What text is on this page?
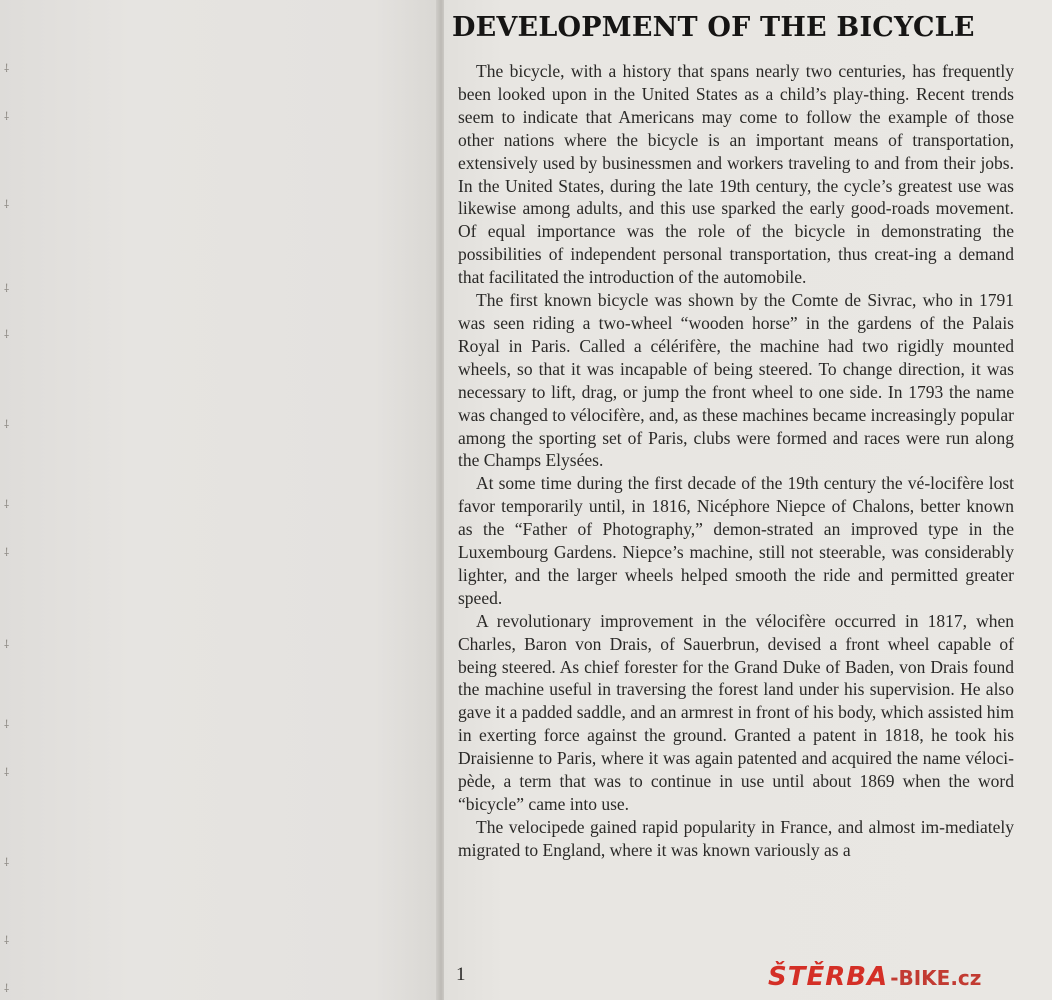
⸸
⸸
⸸
⸸
⸸
⸸
⸸
⸸
⸸
⸸
⸸
⸸
⸸
⸸
DEVELOPMENT OF THE BICYCLE

The bicycle, with a history that spans nearly two centuries, has frequently been looked upon in the United States as a child’s play-thing. Recent trends seem to indicate that Americans may come to follow the example of those other nations where the bicycle is an important means of transportation, extensively used by businessmen and workers traveling to and from their jobs. In the United States, during the late 19th century, the cycle’s greatest use was likewise among adults, and this use sparked the early good-roads movement. Of equal importance was the role of the bicycle in demonstrating the possibilities of independent personal transportation, thus creat-ing a demand that facilitated the introduction of the automobile.

The first known bicycle was shown by the Comte de Sivrac, who in 1791 was seen riding a two-wheel “wooden horse” in the gardens of the Palais Royal in Paris. Called a célérifère, the machine had two rigidly mounted wheels, so that it was incapable of being steered. To change direction, it was necessary to lift, drag, or jump the front wheel to one side. In 1793 the name was changed to vélocifère, and, as these machines became increasingly popular among the sporting set of Paris, clubs were formed and races were run along the Champs Elysées.

At some time during the first decade of the 19th century the vé-locifère lost favor temporarily until, in 1816, Nicéphore Niepce of Chalons, better known as the “Father of Photography,” demon-strated an improved type in the Luxembourg Gardens. Niepce’s machine, still not steerable, was considerably lighter, and the larger wheels helped smooth the ride and permitted greater speed.

A revolutionary improvement in the vélocifère occurred in 1817, when Charles, Baron von Drais, of Sauerbrun, devised a front wheel capable of being steered. As chief forester for the Grand Duke of Baden, von Drais found the machine useful in traversing the forest land under his supervision. He also gave it a padded saddle, and an armrest in front of his body, which assisted him in exerting force against the ground. Granted a patent in 1818, he took his Draisienne to Paris, where it was again patented and acquired the name véloci-pède, a term that was to continue in use until about 1869 when the word “bicycle” came into use.

The velocipede gained rapid popularity in France, and almost im-mediately migrated to England, where it was known variously as a

1	ŠTĚRBA -BIKE.cz
